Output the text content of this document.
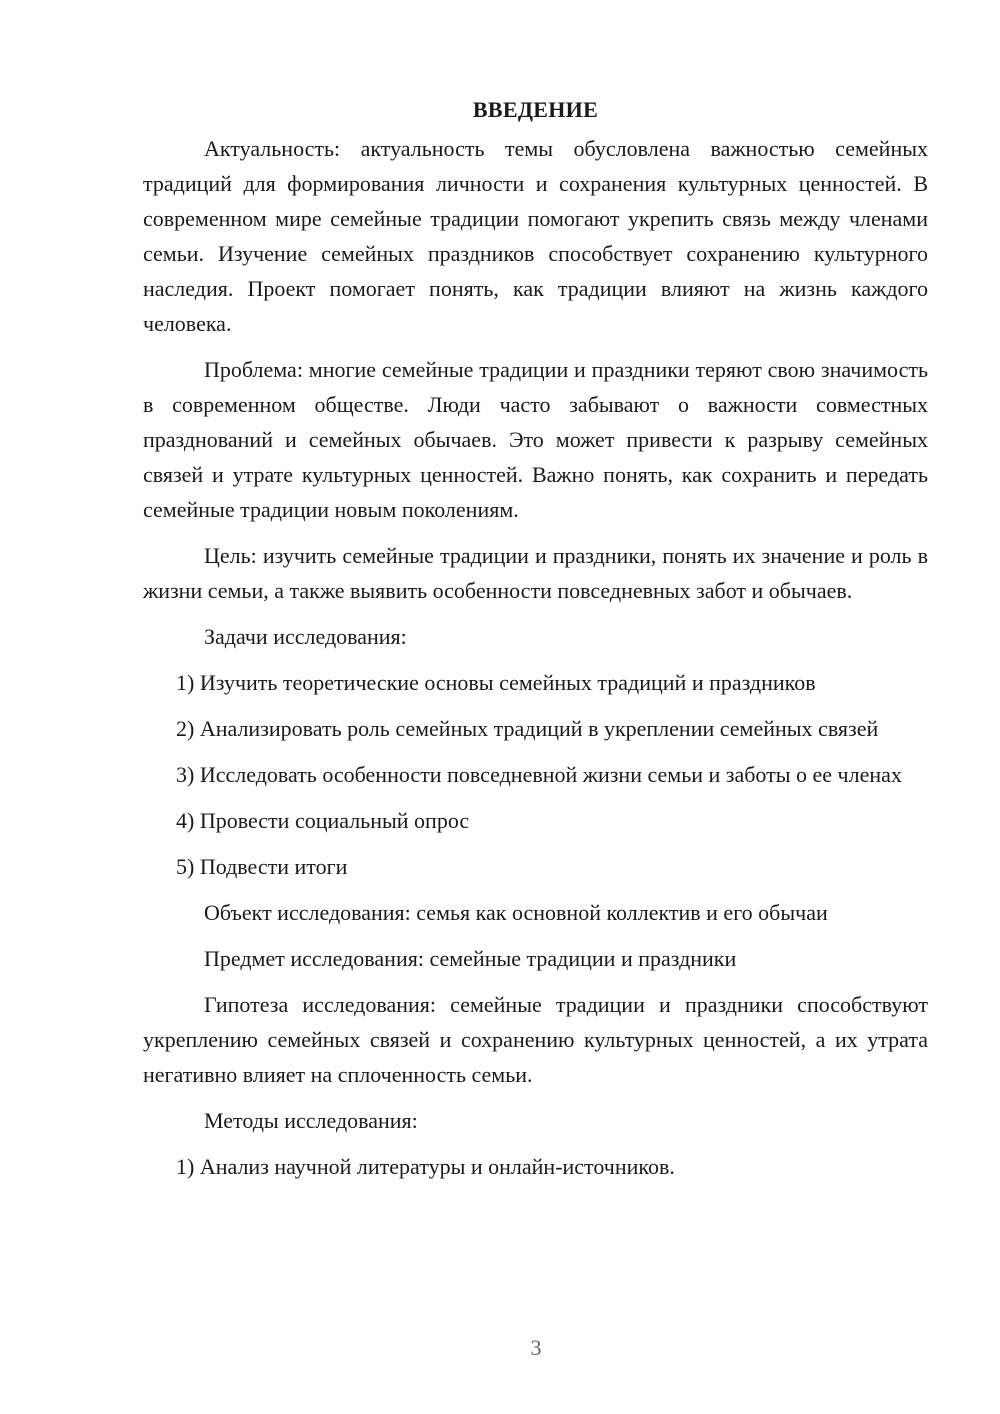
ВВЕДЕНИЕ

Актуальность: актуальность темы обусловлена важностью семейных традиций для формирования личности и сохранения культурных ценностей. В современном мире семейные традиции помогают укрепить связь между членами семьи. Изучение семейных праздников способствует сохранению культурного наследия. Проект помогает понять, как традиции влияют на жизнь каждого человека.

Проблема: многие семейные традиции и праздники теряют свою значимость в современном обществе. Люди часто забывают о важности совместных празднований и семейных обычаев. Это может привести к разрыву семейных связей и утрате культурных ценностей. Важно понять, как сохранить и передать семейные традиции новым поколениям.

Цель: изучить семейные традиции и праздники, понять их значение и роль в жизни семьи, а также выявить особенности повседневных забот и обычаев.

Задачи исследования:

1) Изучить теоретические основы семейных традиций и праздников

2) Анализировать роль семейных традиций в укреплении семейных связей

3) Исследовать особенности повседневной жизни семьи и заботы о ее членах

4) Провести социальный опрос

5) Подвести итоги

Объект исследования: семья как основной коллектив и его обычаи

Предмет исследования: семейные традиции и праздники

Гипотеза исследования: семейные традиции и праздники способствуют укреплению семейных связей и сохранению культурных ценностей, а их утрата негативно влияет на сплоченность семьи.

Методы исследования:

1) Анализ научной литературы и онлайн-источников.

3
